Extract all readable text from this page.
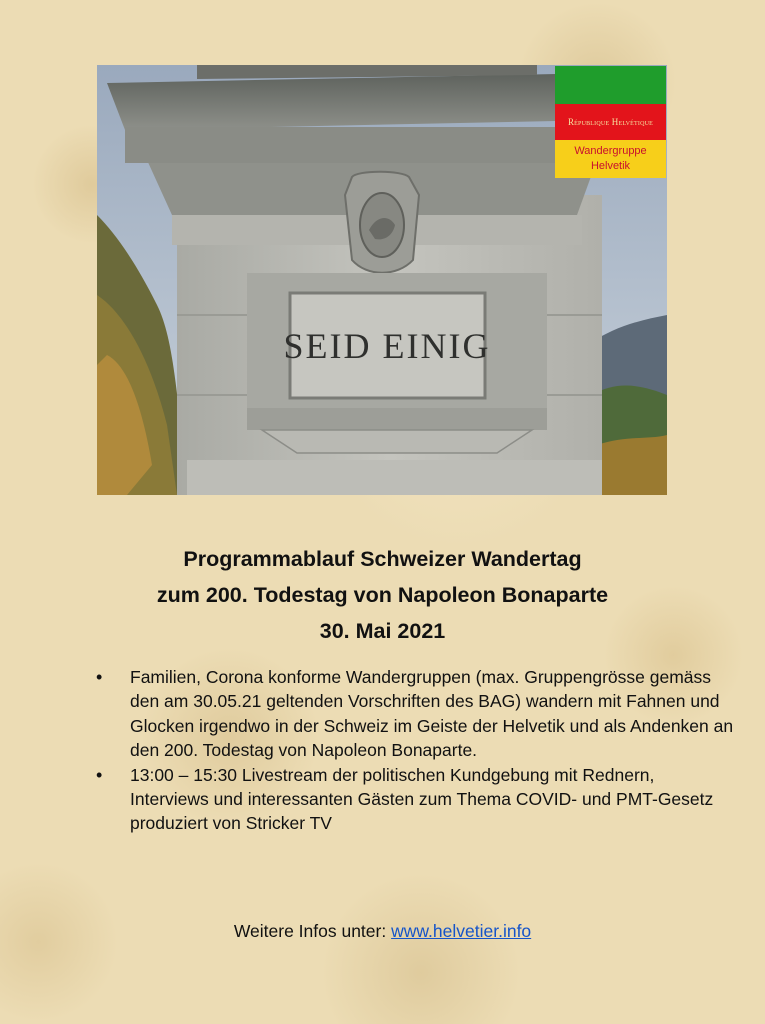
SEID EINIG
République Helvétique
Wandergruppe
Helvetik
Programmablauf Schweizer Wandertag
zum 200. Todestag von Napoleon Bonaparte
30. Mai 2021
• Familien, Corona konforme Wandergruppen (max. Gruppengrösse gemäss den am 30.05.21 geltenden Vorschriften des BAG) wandern mit Fahnen und Glocken irgendwo in der Schweiz im Geiste der Helvetik und als Andenken an den 200. Todestag von Napoleon Bonaparte.
• 13:00 – 15:30 Livestream der politischen Kundgebung mit Rednern, Interviews und interessanten Gästen zum Thema COVID- und PMT-Gesetz produziert von Stricker TV
Weitere Infos unter: www.helvetier.info
